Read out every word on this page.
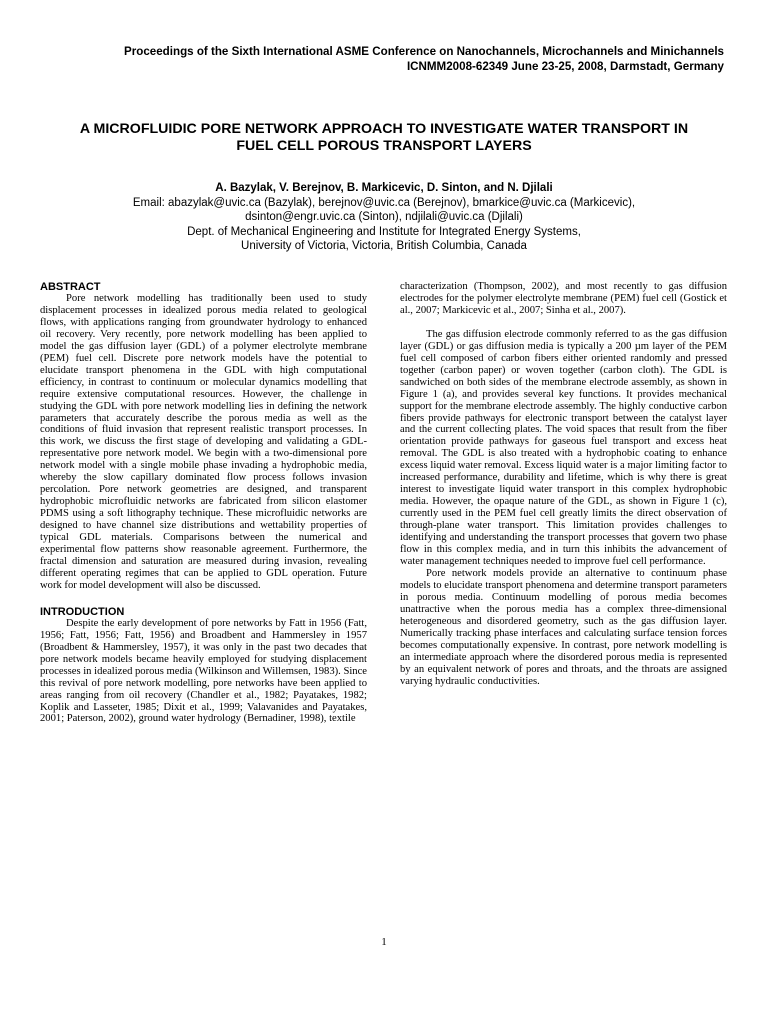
Proceedings of the Sixth International ASME Conference on Nanochannels, Microchannels and Minichannels
ICNMM2008-62349 June 23-25, 2008, Darmstadt, Germany
A MICROFLUIDIC PORE NETWORK APPROACH TO INVESTIGATE WATER TRANSPORT IN
FUEL CELL POROUS TRANSPORT LAYERS
A. Bazylak, V. Berejnov, B. Markicevic, D. Sinton, and N. Djilali
Email: abazylak@uvic.ca (Bazylak), berejnov@uvic.ca (Berejnov), bmarkice@uvic.ca (Markicevic),
dsinton@engr.uvic.ca (Sinton), ndjilali@uvic.ca (Djilali)
Dept. of Mechanical Engineering and Institute for Integrated Energy Systems,
University of Victoria, Victoria, British Columbia, Canada
ABSTRACT

Pore network modelling has traditionally been used to study displacement processes in idealized porous media related to geological flows, with applications ranging from groundwater hydrology to enhanced oil recovery. Very recently, pore network modelling has been applied to model the gas diffusion layer (GDL) of a polymer electrolyte membrane (PEM) fuel cell. Discrete pore network models have the potential to elucidate transport phenomena in the GDL with high computational efficiency, in contrast to continuum or molecular dynamics modelling that require extensive computational resources. However, the challenge in studying the GDL with pore network modelling lies in defining the network parameters that accurately describe the porous media as well as the conditions of fluid invasion that represent realistic transport processes. In this work, we discuss the first stage of developing and validating a GDL-representative pore network model. We begin with a two-dimensional pore network model with a single mobile phase invading a hydrophobic media, whereby the slow capillary dominated flow process follows invasion percolation. Pore network geometries are designed, and transparent hydrophobic microfluidic networks are fabricated from silicon elastomer PDMS using a soft lithography technique. These microfluidic networks are designed to have channel size distributions and wettability properties of typical GDL materials. Comparisons between the numerical and experimental flow patterns show reasonable agreement. Furthermore, the fractal dimension and saturation are measured during invasion, revealing different operating regimes that can be applied to GDL operation. Future work for model development will also be discussed.

INTRODUCTION

Despite the early development of pore networks by Fatt in 1956 (Fatt, 1956; Fatt, 1956; Fatt, 1956) and Broadbent and Hammersley in 1957 (Broadbent & Hammersley, 1957), it was only in the past two decades that pore network models became heavily employed for studying displacement processes in idealized porous media (Wilkinson and Willemsen, 1983). Since this revival of pore network modelling, pore networks have been applied to areas ranging from oil recovery (Chandler et al., 1982; Payatakes, 1982; Koplik and Lasseter, 1985; Dixit et al., 1999; Valavanides and Payatakes, 2001; Paterson, 2002), ground water hydrology (Bernadiner, 1998), textile

characterization (Thompson, 2002), and most recently to gas diffusion electrodes for the polymer electrolyte membrane (PEM) fuel cell (Gostick et al., 2007; Markicevic et al., 2007; Sinha et al., 2007).

The gas diffusion electrode commonly referred to as the gas diffusion layer (GDL) or gas diffusion media is typically a 200 µm layer of the PEM fuel cell composed of carbon fibers either oriented randomly and pressed together (carbon paper) or woven together (carbon cloth). The GDL is sandwiched on both sides of the membrane electrode assembly, as shown in Figure 1 (a), and provides several key functions. It provides mechanical support for the membrane electrode assembly. The highly conductive carbon fibers provide pathways for electronic transport between the catalyst layer and the current collecting plates. The void spaces that result from the fiber orientation provide pathways for gaseous fuel transport and excess heat removal. The GDL is also treated with a hydrophobic coating to enhance excess liquid water removal. Excess liquid water is a major limiting factor to increased performance, durability and lifetime, which is why there is great interest to investigate liquid water transport in this complex hydrophobic media. However, the opaque nature of the GDL, as shown in Figure 1 (c), currently used in the PEM fuel cell greatly limits the direct observation of through-plane water transport. This limitation provides challenges to identifying and understanding the transport processes that govern two phase flow in this complex media, and in turn this inhibits the advancement of water management techniques needed to improve fuel cell performance.

Pore network models provide an alternative to continuum phase models to elucidate transport phenomena and determine transport parameters in porous media. Continuum modelling of porous media becomes unattractive when the porous media has a complex three-dimensional heterogeneous and disordered geometry, such as the gas diffusion layer. Numerically tracking phase interfaces and calculating surface tension forces becomes computationally expensive. In contrast, pore network modelling is an intermediate approach where the disordered porous media is represented by an equivalent network of pores and throats, and the throats are assigned varying hydraulic conductivities.

1
